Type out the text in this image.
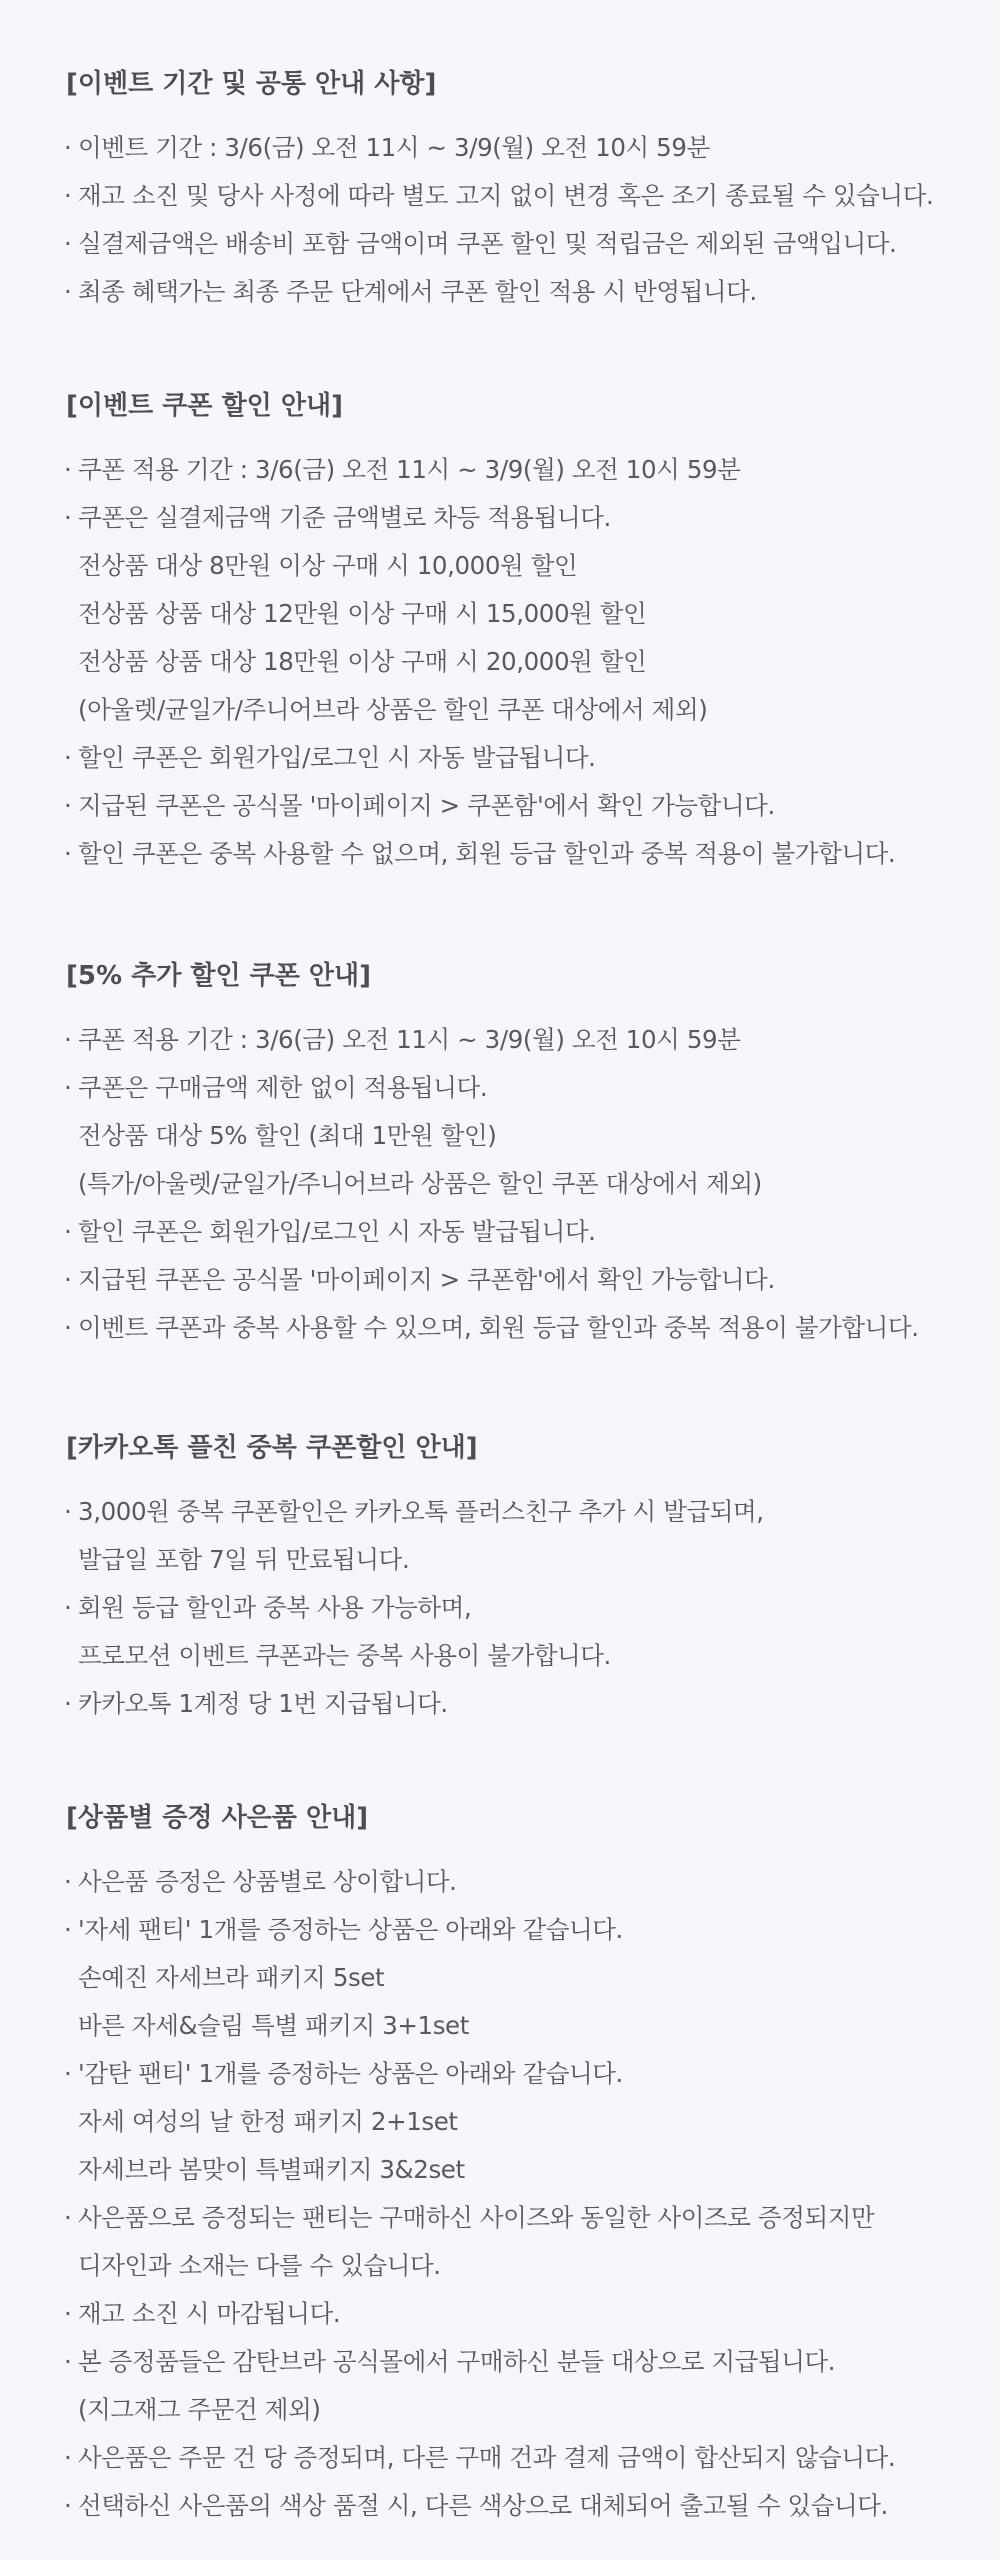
[이벤트 기간 및 공통 안내 사항]
· 이벤트 기간 : 3/6(금) 오전 11시 ~ 3/9(월) 오전 10시 59분
· 재고 소진 및 당사 사정에 따라 별도 고지 없이 변경 혹은 조기 종료될 수 있습니다.
· 실결제금액은 배송비 포함 금액이며 쿠폰 할인 및 적립금은 제외된 금액입니다.
· 최종 혜택가는 최종 주문 단계에서 쿠폰 할인 적용 시 반영됩니다.
[이벤트 쿠폰 할인 안내]
· 쿠폰 적용 기간 : 3/6(금) 오전 11시 ~ 3/9(월) 오전 10시 59분
· 쿠폰은 실결제금액 기준 금액별로 차등 적용됩니다.
전상품 대상 8만원 이상 구매 시 10,000원 할인
전상품 상품 대상 12만원 이상 구매 시 15,000원 할인
전상품 상품 대상 18만원 이상 구매 시 20,000원 할인
(아울렛/균일가/주니어브라 상품은 할인 쿠폰 대상에서 제외)
· 할인 쿠폰은 회원가입/로그인 시 자동 발급됩니다.
· 지급된 쿠폰은 공식몰 '마이페이지 > 쿠폰함'에서 확인 가능합니다.
· 할인 쿠폰은 중복 사용할 수 없으며, 회원 등급 할인과 중복 적용이 불가합니다.
[5% 추가 할인 쿠폰 안내]
· 쿠폰 적용 기간 : 3/6(금) 오전 11시 ~ 3/9(월) 오전 10시 59분
· 쿠폰은 구매금액 제한 없이 적용됩니다.
전상품 대상 5% 할인 (최대 1만원 할인)
(특가/아울렛/균일가/주니어브라 상품은 할인 쿠폰 대상에서 제외)
· 할인 쿠폰은 회원가입/로그인 시 자동 발급됩니다.
· 지급된 쿠폰은 공식몰 '마이페이지 > 쿠폰함'에서 확인 가능합니다.
· 이벤트 쿠폰과 중복 사용할 수 있으며, 회원 등급 할인과 중복 적용이 불가합니다.
[카카오톡 플친 중복 쿠폰할인 안내]
· 3,000원 중복 쿠폰할인은 카카오톡 플러스친구 추가 시 발급되며,
발급일 포함 7일 뒤 만료됩니다.
· 회원 등급 할인과 중복 사용 가능하며,
프로모션 이벤트 쿠폰과는 중복 사용이 불가합니다.
· 카카오톡 1계정 당 1번 지급됩니다.
[상품별 증정 사은품 안내]
· 사은품 증정은 상품별로 상이합니다.
· '자세 팬티' 1개를 증정하는 상품은 아래와 같습니다.
손예진 자세브라 패키지 5set
바른 자세&슬림 특별 패키지 3+1set
· '감탄 팬티' 1개를 증정하는 상품은 아래와 같습니다.
자세 여성의 날 한정 패키지 2+1set
자세브라 봄맞이 특별패키지 3&2set
· 사은품으로 증정되는 팬티는 구매하신 사이즈와 동일한 사이즈로 증정되지만
디자인과 소재는 다를 수 있습니다.
· 재고 소진 시 마감됩니다.
· 본 증정품들은 감탄브라 공식몰에서 구매하신 분들 대상으로 지급됩니다.
(지그재그 주문건 제외)
· 사은품은 주문 건 당 증정되며, 다른 구매 건과 결제 금액이 합산되지 않습니다.
· 선택하신 사은품의 색상 품절 시, 다른 색상으로 대체되어 출고될 수 있습니다.
